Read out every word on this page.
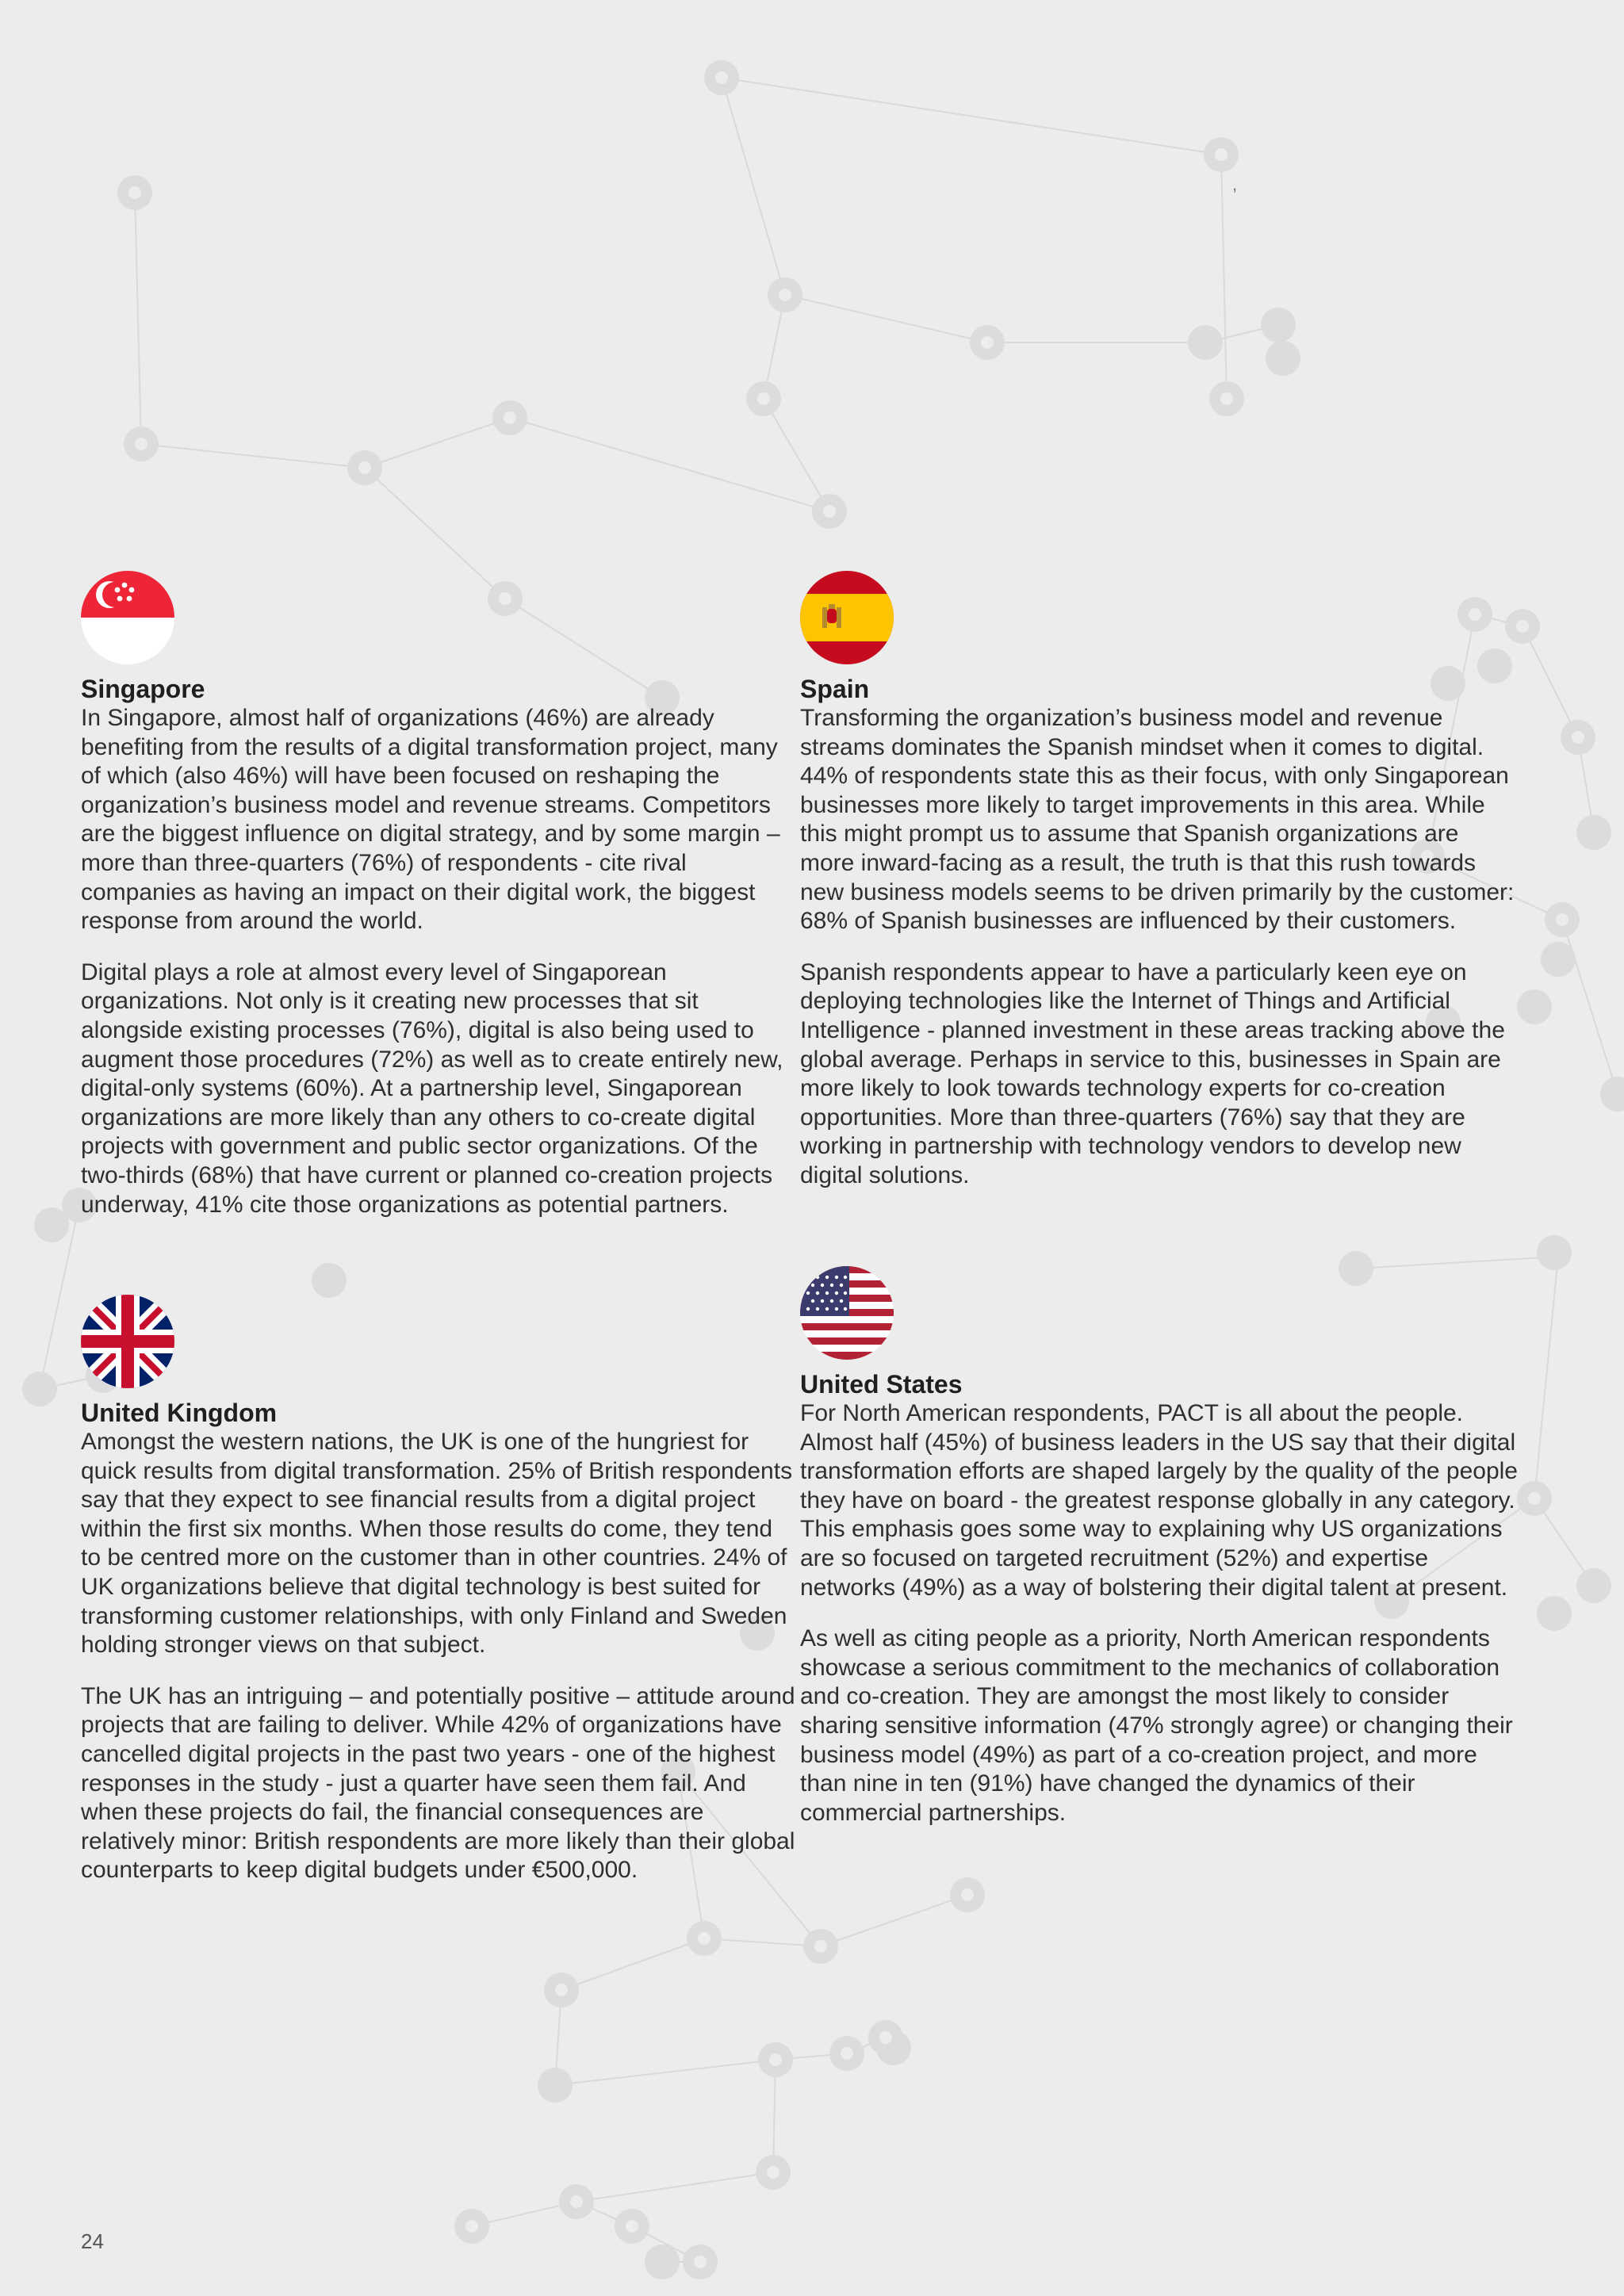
,
Singapore

In Singapore, almost half of organizations (46%) are already benefiting from the results of a digital transformation project, many of which (also 46%) will have been focused on reshaping the organization’s business model and revenue streams. Competitors are the biggest influence on digital strategy, and by some margin – more than three-quarters (76%) of respondents - cite rival companies as having an impact on their digital work, the biggest response from around the world.

Digital plays a role at almost every level of Singaporean organizations. Not only is it creating new processes that sit alongside existing processes (76%), digital is also being used to augment those procedures (72%) as well as to create entirely new, digital-only systems (60%). At a partnership level, Singaporean organizations are more likely than any others to co-create digital projects with government and public sector organizations. Of the two-thirds (68%) that have current or planned co-creation projects underway, 41% cite those organizations as potential partners.

Spain

Transforming the organization’s business model and revenue streams dominates the Spanish mindset when it comes to digital. 44% of respondents state this as their focus, with only Singaporean businesses more likely to target improvements in this area. While this might prompt us to assume that Spanish organizations are more inward-facing as a result, the truth is that this rush towards new business models seems to be driven primarily by the customer: 68% of Spanish businesses are influenced by their customers.

Spanish respondents appear to have a particularly keen eye on deploying technologies like the Internet of Things and Artificial Intelligence - planned investment in these areas tracking above the global average. Perhaps in service to this, businesses in Spain are more likely to look towards technology experts for co-creation opportunities. More than three-quarters (76%) say that they are working in partnership with technology vendors to develop new digital solutions.

United Kingdom

Amongst the western nations, the UK is one of the hungriest for quick results from digital transformation. 25% of British respondents say that they expect to see financial results from a digital project within the first six months. When those results do come, they tend to be centred more on the customer than in other countries. 24% of UK organizations believe that digital technology is best suited for transforming customer relationships, with only Finland and Sweden holding stronger views on that subject.

The UK has an intriguing – and potentially positive – attitude around projects that are failing to deliver. While 42% of organizations have cancelled digital projects in the past two years - one of the highest responses in the study - just a quarter have seen them fail. And when these projects do fail, the financial consequences are relatively minor: British respondents are more likely than their global counterparts to keep digital budgets under €500,000.

United States

For North American respondents, PACT is all about the people. Almost half (45%) of business leaders in the US say that their digital transformation efforts are shaped largely by the quality of the people they have on board - the greatest response globally in any category. This emphasis goes some way to explaining why US organizations are so focused on targeted recruitment (52%) and expertise networks (49%) as a way of bolstering their digital talent at present.

As well as citing people as a priority, North American respondents showcase a serious commitment to the mechanics of collaboration and co-creation. They are amongst the most likely to consider sharing sensitive information (47% strongly agree) or changing their business model (49%) as part of a co-creation project, and more than nine in ten (91%) have changed the dynamics of their commercial partnerships.

24
